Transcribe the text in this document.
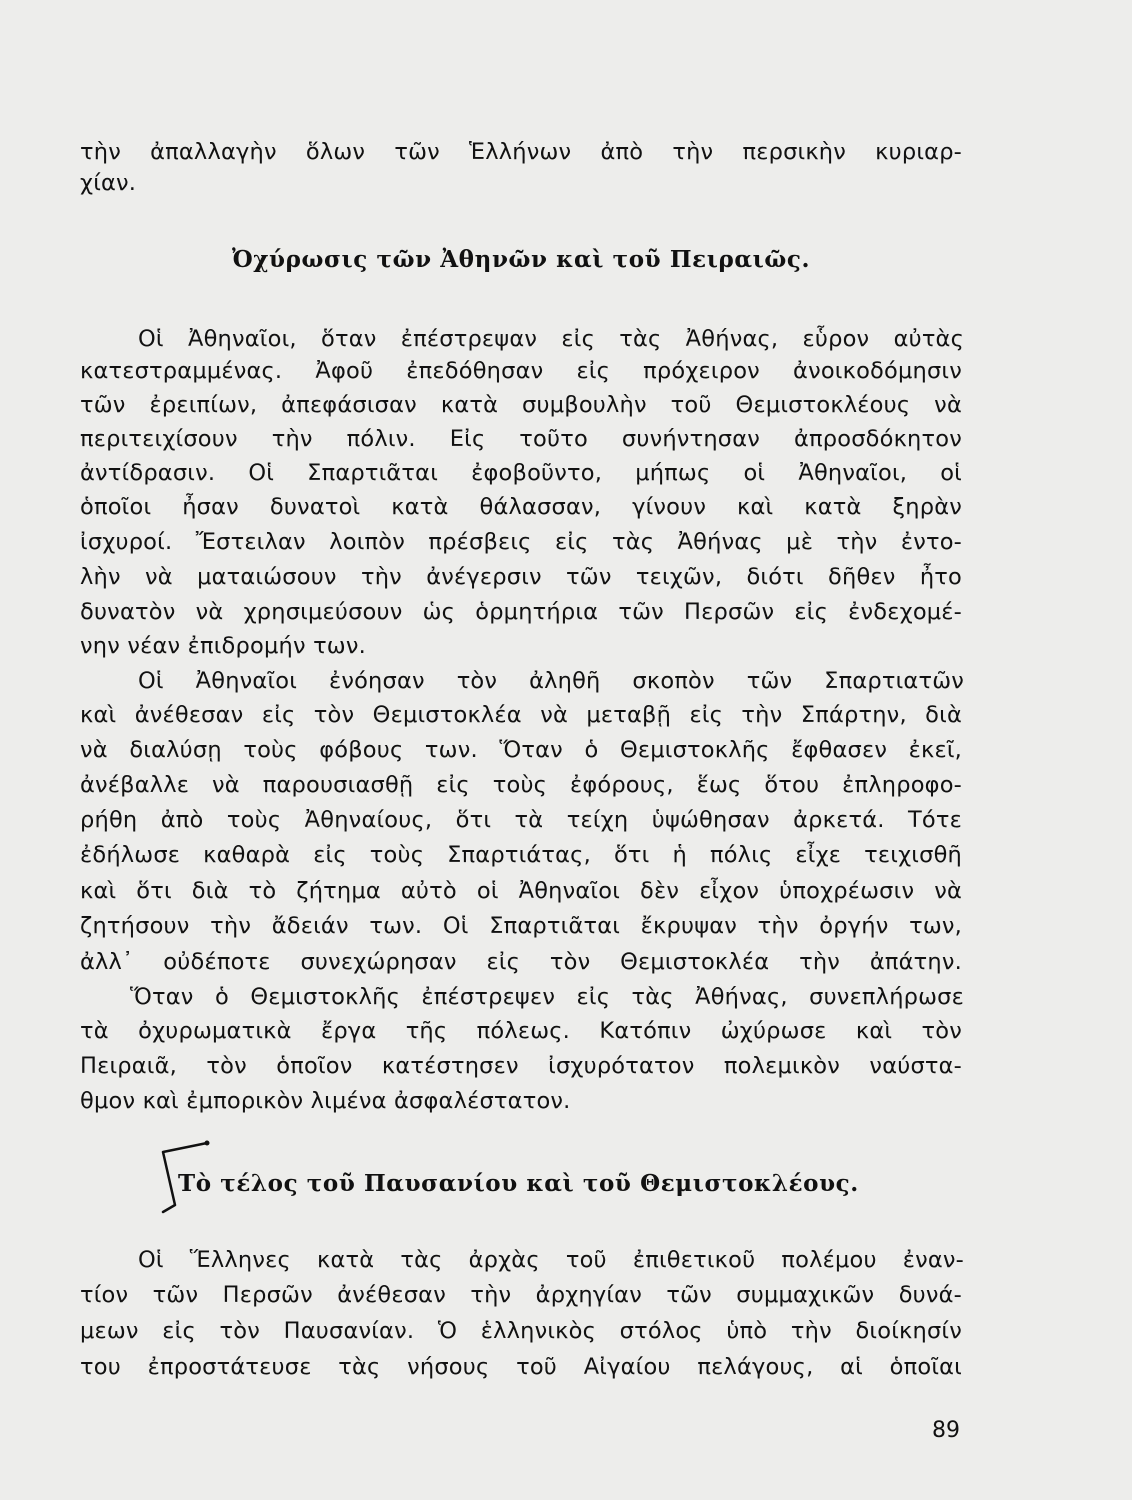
τὴν ἀπαλλαγὴν ὅλων τῶν Ἑλλήνων ἀπὸ τὴν περσικὴν κυριαρ-
χίαν.
Ὀχύρωσις τῶν Ἀθηνῶν καὶ τοῦ Πειραιῶς.
Οἱ Ἀθηναῖοι, ὅταν ἐπέστρεψαν εἰς τὰς Ἀθήνας, εὗρον αὐτὰς
κατεστραμμένας. Ἀφοῦ ἐπεδόθησαν εἰς πρόχειρον ἀνοικοδόμησιν
τῶν ἐρειπίων, ἀπεφάσισαν κατὰ συμβουλὴν τοῦ Θεμιστοκλέους νὰ
περιτειχίσουν τὴν πόλιν. Εἰς τοῦτο συνήντησαν ἀπροσδόκητον
ἀντίδρασιν. Οἱ Σπαρτιᾶται ἐφοβοῦντο, μήπως οἱ Ἀθηναῖοι, οἱ
ὁποῖοι ἦσαν δυνατοὶ κατὰ θάλασσαν, γίνουν καὶ κατὰ ξηρὰν
ἰσχυροί. Ἔστειλαν λοιπὸν πρέσβεις εἰς τὰς Ἀθήνας μὲ τὴν ἐντο-
λὴν νὰ ματαιώσουν τὴν ἀνέγερσιν τῶν τειχῶν, διότι δῆθεν ἦτο
δυνατὸν νὰ χρησιμεύσουν ὡς ὁρμητήρια τῶν Περσῶν εἰς ἐνδεχομέ-
νην νέαν ἐπιδρομήν των.
Οἱ Ἀθηναῖοι ἐνόησαν τὸν ἀληθῆ σκοπὸν τῶν Σπαρτιατῶν
καὶ ἀνέθεσαν εἰς τὸν Θεμιστοκλέα νὰ μεταβῇ εἰς τὴν Σπάρτην, διὰ
νὰ διαλύσῃ τοὺς φόβους των. Ὅταν ὁ Θεμιστοκλῆς ἔφθασεν ἐκεῖ,
ἀνέβαλλε νὰ παρουσιασθῇ εἰς τοὺς ἐφόρους, ἕως ὅτου ἐπληροφο-
ρήθη ἀπὸ τοὺς Ἀθηναίους, ὅτι τὰ τείχη ὑψώθησαν ἀρκετά. Τότε
ἐδήλωσε καθαρὰ εἰς τοὺς Σπαρτιάτας, ὅτι ἡ πόλις εἶχε τειχισθῆ
καὶ ὅτι διὰ τὸ ζήτημα αὐτὸ οἱ Ἀθηναῖοι δὲν εἶχον ὑποχρέωσιν νὰ
ζητήσουν τὴν ἄδειάν των. Οἱ Σπαρτιᾶται ἔκρυψαν τὴν ὀργήν των,
ἀλλ᾽ οὐδέποτε συνεχώρησαν εἰς τὸν Θεμιστοκλέα τὴν ἀπάτην.
Ὅταν ὁ Θεμιστοκλῆς ἐπέστρεψεν εἰς τὰς Ἀθήνας, συνεπλήρωσε
τὰ ὀχυρωματικὰ ἔργα τῆς πόλεως. Κατόπιν ὠχύρωσε καὶ τὸν
Πειραιᾶ, τὸν ὁποῖον κατέστησεν ἰσχυρότατον πολεμικὸν ναύστα-
θμον καὶ ἐμπορικὸν λιμένα ἀσφαλέστατον.
Τὸ τέλος τοῦ Παυσανίου καὶ τοῦ Θεμιστοκλέους.
Οἱ Ἕλληνες κατὰ τὰς ἀρχὰς τοῦ ἐπιθετικοῦ πολέμου ἐναν-
τίον τῶν Περσῶν ἀνέθεσαν τὴν ἀρχηγίαν τῶν συμμαχικῶν δυνά-
μεων εἰς τὸν Παυσανίαν. Ὁ ἑλληνικὸς στόλος ὑπὸ τὴν διοίκησίν
του ἐπροστάτευσε τὰς νήσους τοῦ Αἰγαίου πελάγους, αἱ ὁποῖαι
89
